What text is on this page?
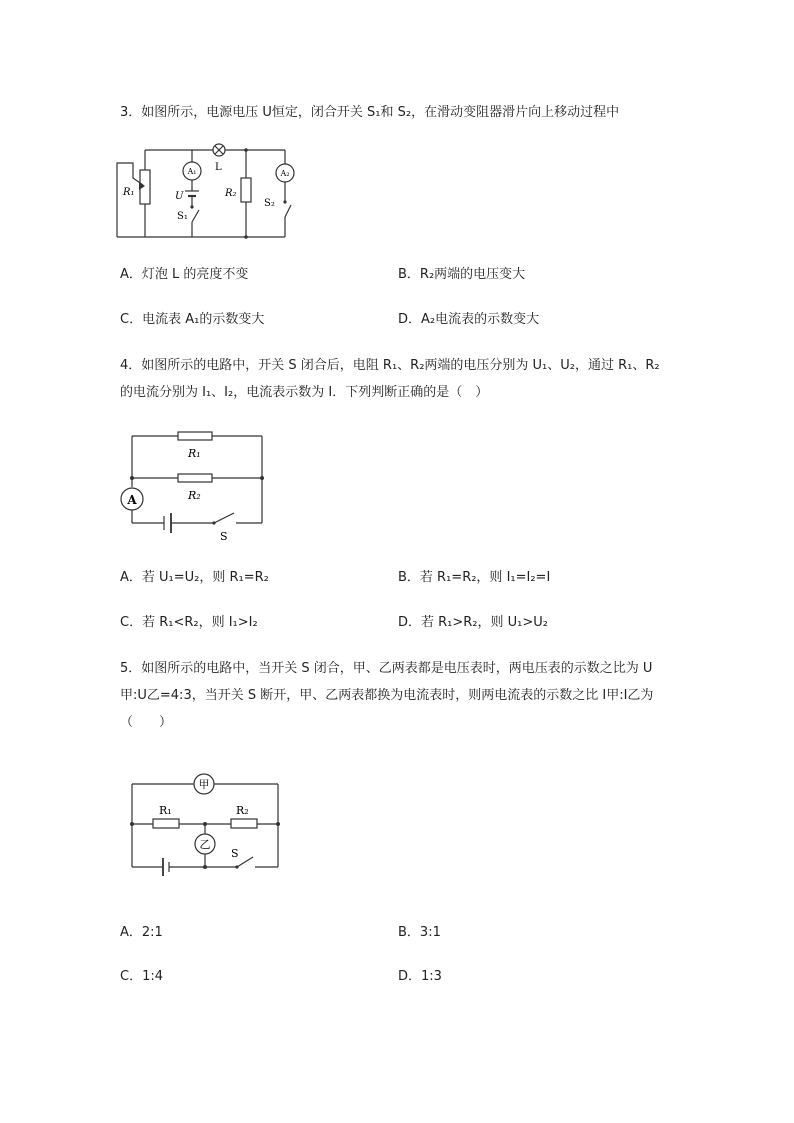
3．如图所示，电源电压 U恒定，闭合开关 S₁和 S₂，在滑动变阻器滑片向上移动过程中
L
A₁	A₂
U
R₁	R₂
S₁
S₂
A．灯泡 L 的亮度不变	B．R₂两端的电压变大
C．电流表 A₁的示数变大	D．A₂电流表的示数变大
4．如图所示的电路中，开关 S 闭合后，电阻 R₁、R₂两端的电压分别为 U₁、U₂，通过 R₁、R₂
的电流分别为 I₁、I₂，电流表示数为 I．下列判断正确的是（　）
R₁
R₂
A
S
A．若 U₁=U₂，则 R₁=R₂	B．若 R₁=R₂，则 I₁=I₂=I
C．若 R₁<R₂，则 I₁>I₂	D．若 R₁>R₂，则 U₁>U₂
5．如图所示的电路中，当开关 S 闭合，甲、乙两表都是电压表时，两电压表的示数之比为 U
甲:U乙=4:3，当开关 S 断开，甲、乙两表都换为电流表时，则两电流表的示数之比 I甲:I乙为
（　　）
甲
乙
R₁	R₂
S
A．2:1	B．3:1
C．1:4	D．1:3
